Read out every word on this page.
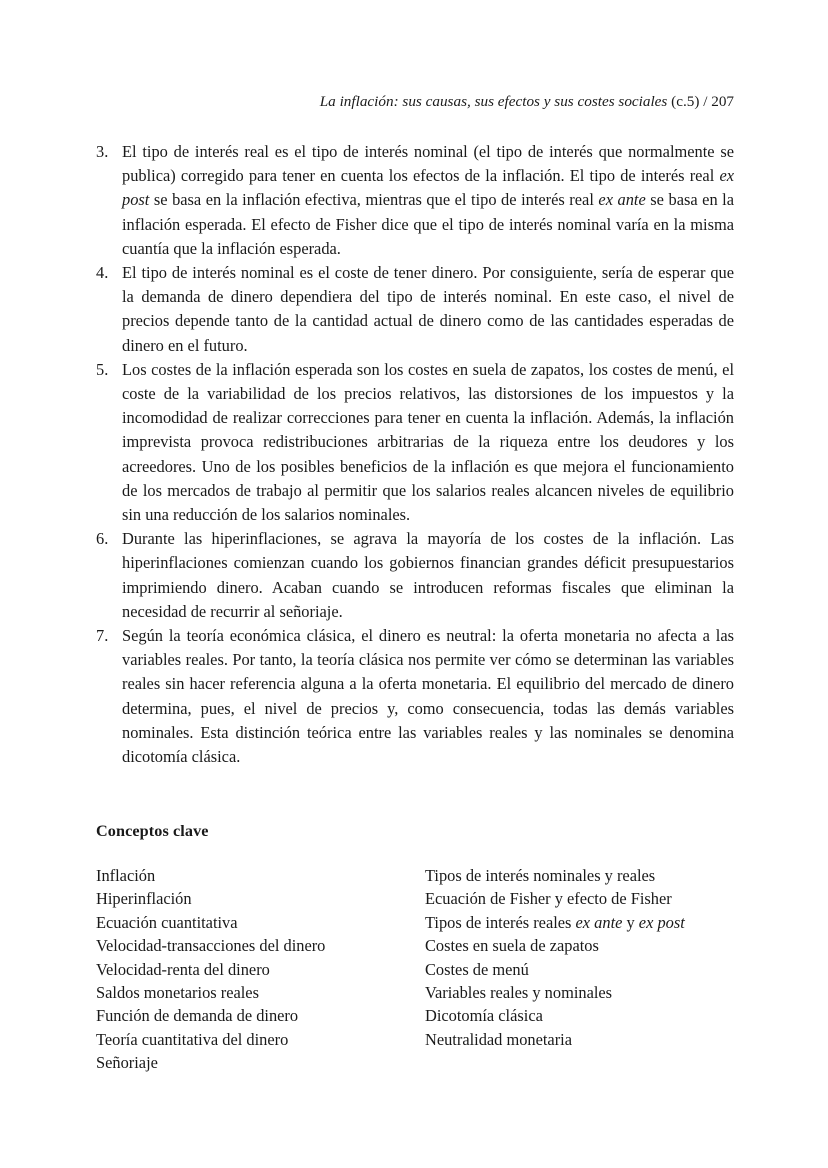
La inflación: sus causas, sus efectos y sus costes sociales (c.5) / 207
3. El tipo de interés real es el tipo de interés nominal (el tipo de interés que normalmente se publica) corregido para tener en cuenta los efectos de la inflación. El tipo de interés real ex post se basa en la inflación efectiva, mientras que el tipo de interés real ex ante se basa en la inflación esperada. El efecto de Fisher dice que el tipo de interés nominal varía en la misma cuantía que la inflación esperada.
4. El tipo de interés nominal es el coste de tener dinero. Por consiguiente, sería de esperar que la demanda de dinero dependiera del tipo de interés nominal. En este caso, el nivel de precios depende tanto de la cantidad actual de dinero como de las cantidades esperadas de dinero en el futuro.
5. Los costes de la inflación esperada son los costes en suela de zapatos, los costes de menú, el coste de la variabilidad de los precios relativos, las distorsiones de los impuestos y la incomodidad de realizar correcciones para tener en cuenta la inflación. Además, la inflación imprevista provoca redistribuciones arbitrarias de la riqueza entre los deudores y los acreedores. Uno de los posibles beneficios de la inflación es que mejora el funcionamiento de los mercados de trabajo al permitir que los salarios reales alcancen niveles de equilibrio sin una reducción de los salarios nominales.
6. Durante las hiperinflaciones, se agrava la mayoría de los costes de la inflación. Las hiperinflaciones comienzan cuando los gobiernos financian grandes déficit presupuestarios imprimiendo dinero. Acaban cuando se introducen reformas fiscales que eliminan la necesidad de recurrir al señoriaje.
7. Según la teoría económica clásica, el dinero es neutral: la oferta monetaria no afecta a las variables reales. Por tanto, la teoría clásica nos permite ver cómo se determinan las variables reales sin hacer referencia alguna a la oferta monetaria. El equilibrio del mercado de dinero determina, pues, el nivel de precios y, como consecuencia, todas las demás variables nominales. Esta distinción teórica entre las variables reales y las nominales se denomina dicotomía clásica.
Conceptos clave
Inflación
Hiperinflación
Ecuación cuantitativa
Velocidad-transacciones del dinero
Velocidad-renta del dinero
Saldos monetarios reales
Función de demanda de dinero
Teoría cuantitativa del dinero
Señoriaje
Tipos de interés nominales y reales
Ecuación de Fisher y efecto de Fisher
Tipos de interés reales ex ante y ex post
Costes en suela de zapatos
Costes de menú
Variables reales y nominales
Dicotomía clásica
Neutralidad monetaria
